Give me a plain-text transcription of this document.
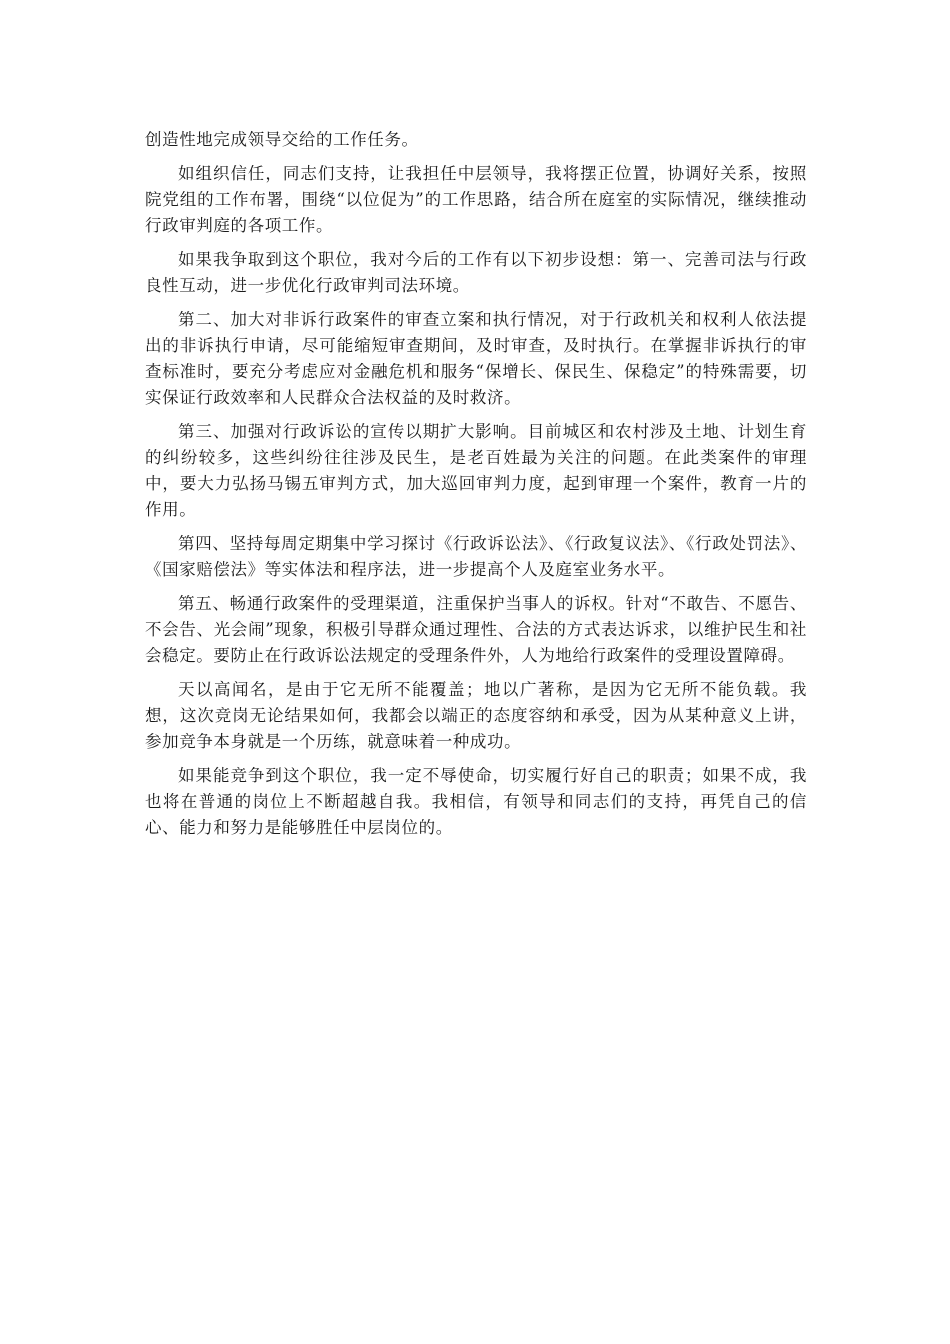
创造性地完成领导交给的工作任务。

如组织信任，同志们支持，让我担任中层领导，我将摆正位置，协调好关系，按照院党组的工作布署，围绕“以位促为”的工作思路，结合所在庭室的实际情况，继续推动行政审判庭的各项工作。

如果我争取到这个职位，我对今后的工作有以下初步设想：第一、完善司法与行政良性互动，进一步优化行政审判司法环境。

第二、加大对非诉行政案件的审查立案和执行情况，对于行政机关和权利人依法提出的非诉执行申请，尽可能缩短审查期间，及时审查，及时执行。在掌握非诉执行的审查标准时，要充分考虑应对金融危机和服务“保增长、保民生、保稳定”的特殊需要，切实保证行政效率和人民群众合法权益的及时救济。

第三、加强对行政诉讼的宣传以期扩大影响。目前城区和农村涉及土地、计划生育的纠纷较多，这些纠纷往往涉及民生，是老百姓最为关注的问题。在此类案件的审理中，要大力弘扬马锡五审判方式，加大巡回审判力度，起到审理一个案件，教育一片的作用。

第四、坚持每周定期集中学习探讨《行政诉讼法》、《行政复议法》、《行政处罚法》、《国家赔偿法》等实体法和程序法，进一步提高个人及庭室业务水平。

第五、畅通行政案件的受理渠道，注重保护当事人的诉权。针对“不敢告、不愿告、不会告、光会闹”现象，积极引导群众通过理性、合法的方式表达诉求，以维护民生和社会稳定。要防止在行政诉讼法规定的受理条件外，人为地给行政案件的受理设置障碍。

天以高闻名，是由于它无所不能覆盖；地以广著称，是因为它无所不能负载。我想，这次竞岗无论结果如何，我都会以端正的态度容纳和承受，因为从某种意义上讲，参加竞争本身就是一个历练，就意味着一种成功。

如果能竞争到这个职位，我一定不辱使命，切实履行好自己的职责；如果不成，我也将在普通的岗位上不断超越自我。我相信，有领导和同志们的支持，再凭自己的信心、能力和努力是能够胜任中层岗位的。
